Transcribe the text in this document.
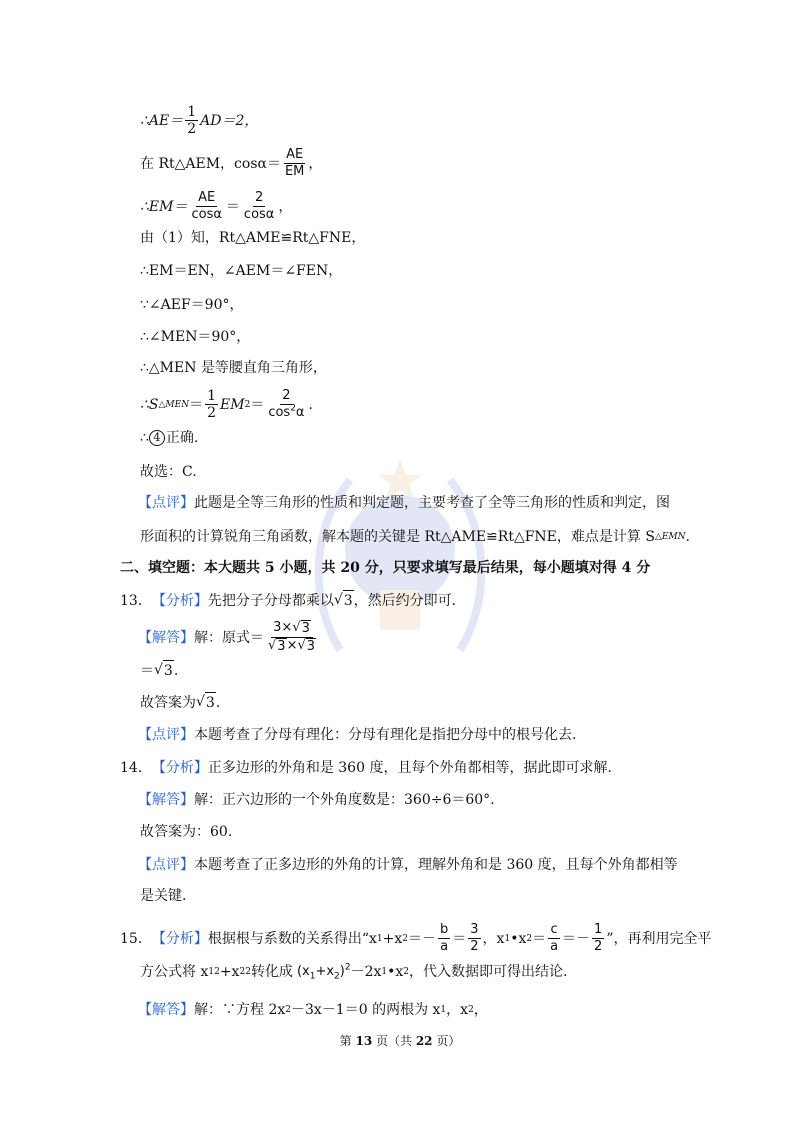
∴AE＝ $\frac{1}{2} AD=2$，
在 Rt△AEM，$\cos\alpha= \frac{AE}{EM}$ ，
∴EM＝ $\frac{AE}{\cos\alpha} = \frac{2}{\cos\alpha}$ ，
由（1）知，Rt△AME≌Rt△FNE，
∴EM＝EN，∠AEM＝∠FEN，
∵∠AEF＝90°，
∴∠MEN＝90°，
∴△MEN 是等腰直角三角形，
∴S △MEN ＝ $\frac{1}{2}$ EM $2 = \frac{2}{\cos^2\alpha}$ .
∴ 4 正确.
故选：C.
【点评】 此题是全等三角形的性质和判定题，主要考查了全等三角形的性质和判定，图
形面积的计算锐角三角函数，解本题的关键是 Rt△AME≌Rt△FNE，难点是计算 S △EMN .
二、填空题：本大题共 5 小题，共 20 分，只要求填写最后结果，每小题填对得 4 分
13． 【分析】 先把分子分母都乘以 √ 3 ，然后约分即可.
【解答】 解：原式＝ $\frac{3\times √ 3}{√ 3 \times √ 3}$
＝ √ 3 .
故答案为 √ 3 .
【点评】 本题考查了分母有理化：分母有理化是指把分母中的根号化去.
14． 【分析】 正多边形的外角和是 360 度，且每个外角都相等，据此即可求解.
【解答】 解：正六边形的一个外角度数是：360÷6＝60°.
故答案为：60.
【点评】 本题考查了正多边形的外角的计算，理解外角和是 360 度，且每个外角都相等
是关键.
15． 【分析】 根据根与系数的关系得出“x 1 +x $2 =- \frac{b}{a} = \frac{3}{2}$ ，x 1 •x $2 = \frac{c}{a} =- \frac{1}{2}$ ”，再利用完全平
方公式将 x 1 2 +x 2 2 转化成 $(x_1+x_2)^2 -2x$ 1 •x 2 ，代入数据即可得出结论.
【解答】 解：∵方程 2x 2 －3x－1＝0 的两根为 x 1 ，x 2 ，
第 13 页（共 22 页）
